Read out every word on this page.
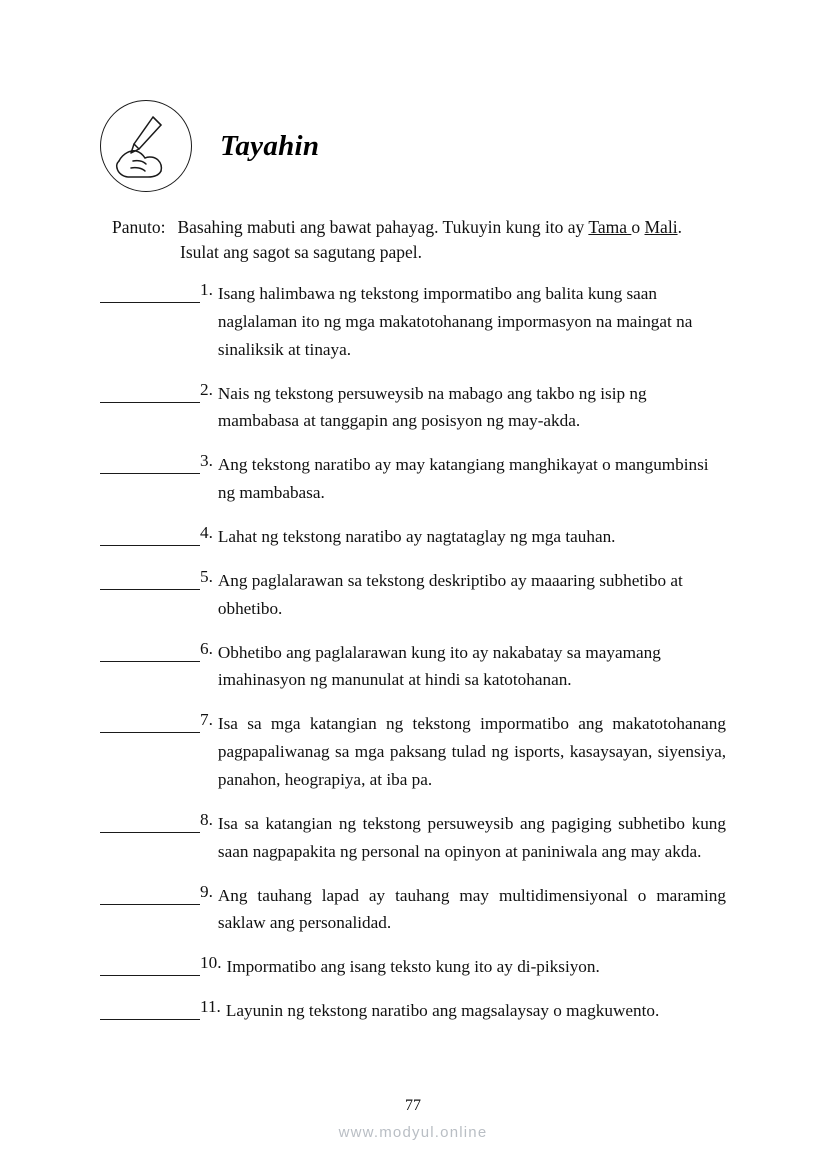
Tayahin
Panuto: Basahing mabuti ang bawat pahayag. Tukuyin kung ito ay Tama o Mali.
Isulat ang sagot sa sagutang papel.
1. Isang halimbawa ng tekstong impormatibo ang balita kung saan naglalaman ito ng mga makatotohanang impormasyon na maingat na sinaliksik at tinaya.
2. Nais ng tekstong persuweysib na mabago ang takbo ng isip ng mambabasa at tanggapin ang posisyon ng may-akda.
3. Ang tekstong naratibo ay may katangiang manghikayat o mangumbinsi ng mambabasa.
4. Lahat ng tekstong naratibo ay nagtataglay ng mga tauhan.
5. Ang paglalarawan sa tekstong deskriptibo ay maaaring subhetibo at obhetibo.
6. Obhetibo ang paglalarawan kung ito ay nakabatay sa mayamang imahinasyon ng manunulat at hindi sa katotohanan.
7. Isa sa mga katangian ng tekstong impormatibo ang makatotohanang pagpapaliwanag sa mga paksang tulad ng isports, kasaysayan, siyensiya, panahon, heograpiya, at iba pa.
8. Isa sa katangian ng tekstong persuweysib ang pagiging subhetibo kung saan nagpapakita ng personal na opinyon at paniniwala ang may akda.
9. Ang tauhang lapad ay tauhang may multidimensiyonal o maraming saklaw ang personalidad.
10. Impormatibo ang isang teksto kung ito ay di-piksiyon.
11. Layunin ng tekstong naratibo ang magsalaysay o magkuwento.
77
www.modyul.online
